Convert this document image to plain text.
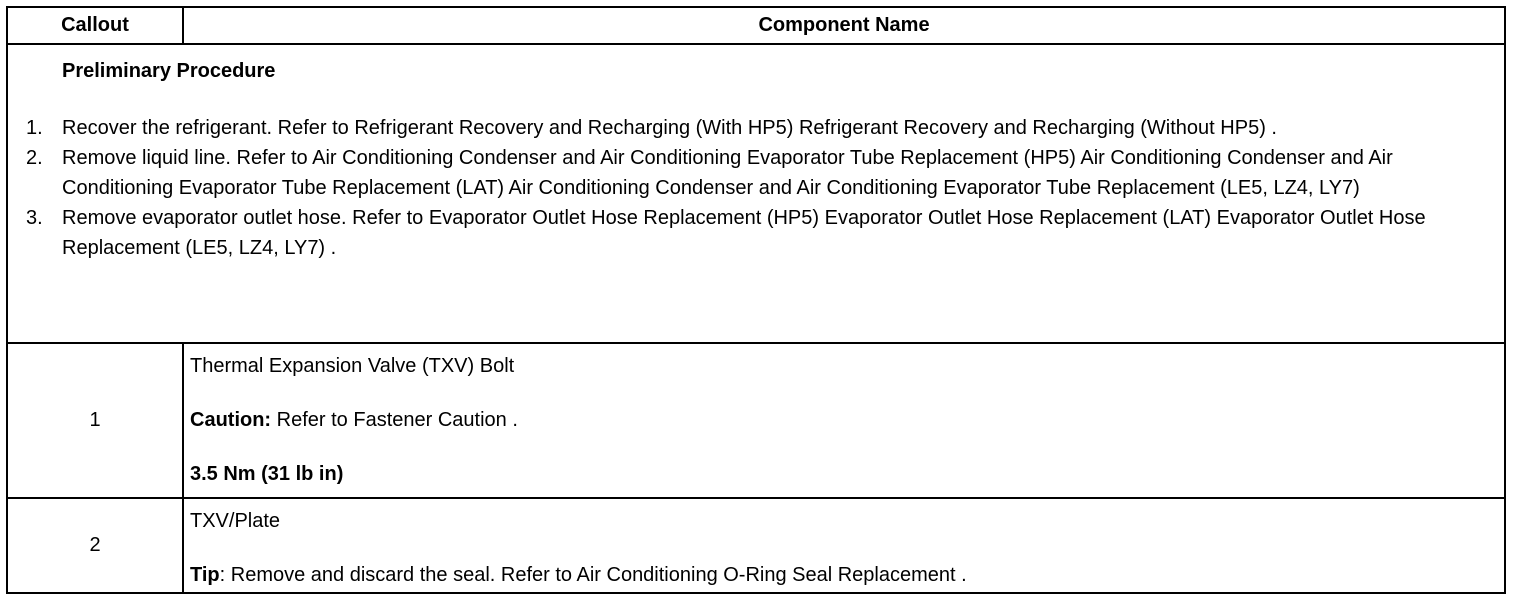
Callout	Component Name
Preliminary Procedure
1. Recover the refrigerant. Refer to Refrigerant Recovery and Recharging (With HP5) Refrigerant Recovery and Recharging (Without HP5) .
2. Remove liquid line. Refer to Air Conditioning Condenser and Air Conditioning Evaporator Tube Replacement (HP5) Air Conditioning Condenser and Air Conditioning Evaporator Tube Replacement (LAT) Air Conditioning Condenser and Air Conditioning Evaporator Tube Replacement (LE5, LZ4, LY7)
3. Remove evaporator outlet hose. Refer to Evaporator Outlet Hose Replacement (HP5) Evaporator Outlet Hose Replacement (LAT) Evaporator Outlet Hose Replacement (LE5, LZ4, LY7) .
1

Thermal Expansion Valve (TXV) Bolt

Caution: Refer to Fastener Caution .

3.5 Nm (31 lb in)

2

TXV/Plate

Tip: Remove and discard the seal. Refer to Air Conditioning O-Ring Seal Replacement .
